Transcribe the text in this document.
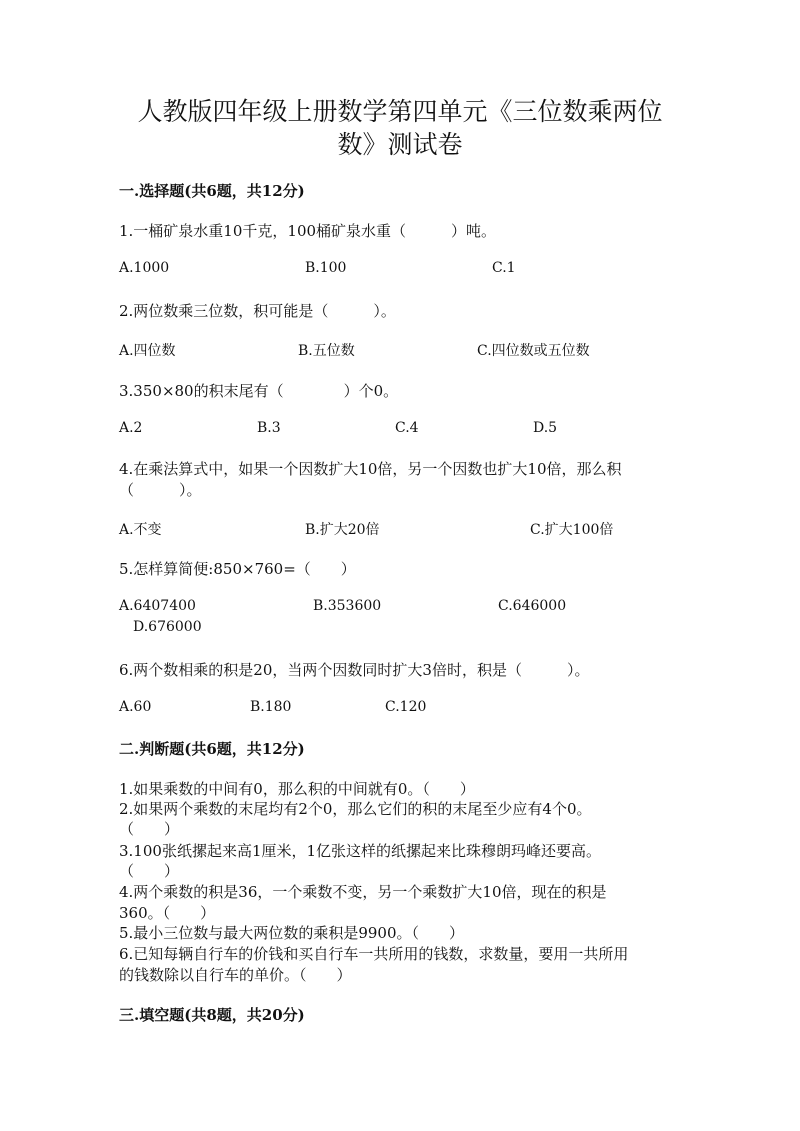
人教版四年级上册数学第四单元《三位数乘两位
数》测试卷
一.选择题(共6题，共12分)
1.一桶矿泉水重10千克，100桶矿泉水重（　　　）吨。
A.1000	B.100	C.1
2.两位数乘三位数，积可能是（　　　）。
A.四位数	B.五位数	C.四位数或五位数
3.350×80的积末尾有（　　　　）个0。
A.2	B.3	C.4	D.5
4.在乘法算式中，如果一个因数扩大10倍，另一个因数也扩大10倍，那么积
（　　　）。
A.不变	B.扩大20倍	C.扩大100倍
5.怎样算简便:850×760=（　　）
A.6407400	B.353600	C.646000
D.676000
6.两个数相乘的积是20，当两个因数同时扩大3倍时，积是（　　　）。
A.60	B.180	C.120
二.判断题(共6题，共12分)
1.如果乘数的中间有0，那么积的中间就有0。（　　）
2.如果两个乘数的末尾均有2个0，那么它们的积的末尾至少应有4个0。
（　　）
3.100张纸摞起来高1厘米，1亿张这样的纸摞起来比珠穆朗玛峰还要高。
（　　）
4.两个乘数的积是36，一个乘数不变，另一个乘数扩大10倍，现在的积是
360。（　　）
5.最小三位数与最大两位数的乘积是9900。（　　）
6.已知每辆自行车的价钱和买自行车一共所用的钱数，求数量，要用一共所用
的钱数除以自行车的单价。（　　）
三.填空题(共8题，共20分)
